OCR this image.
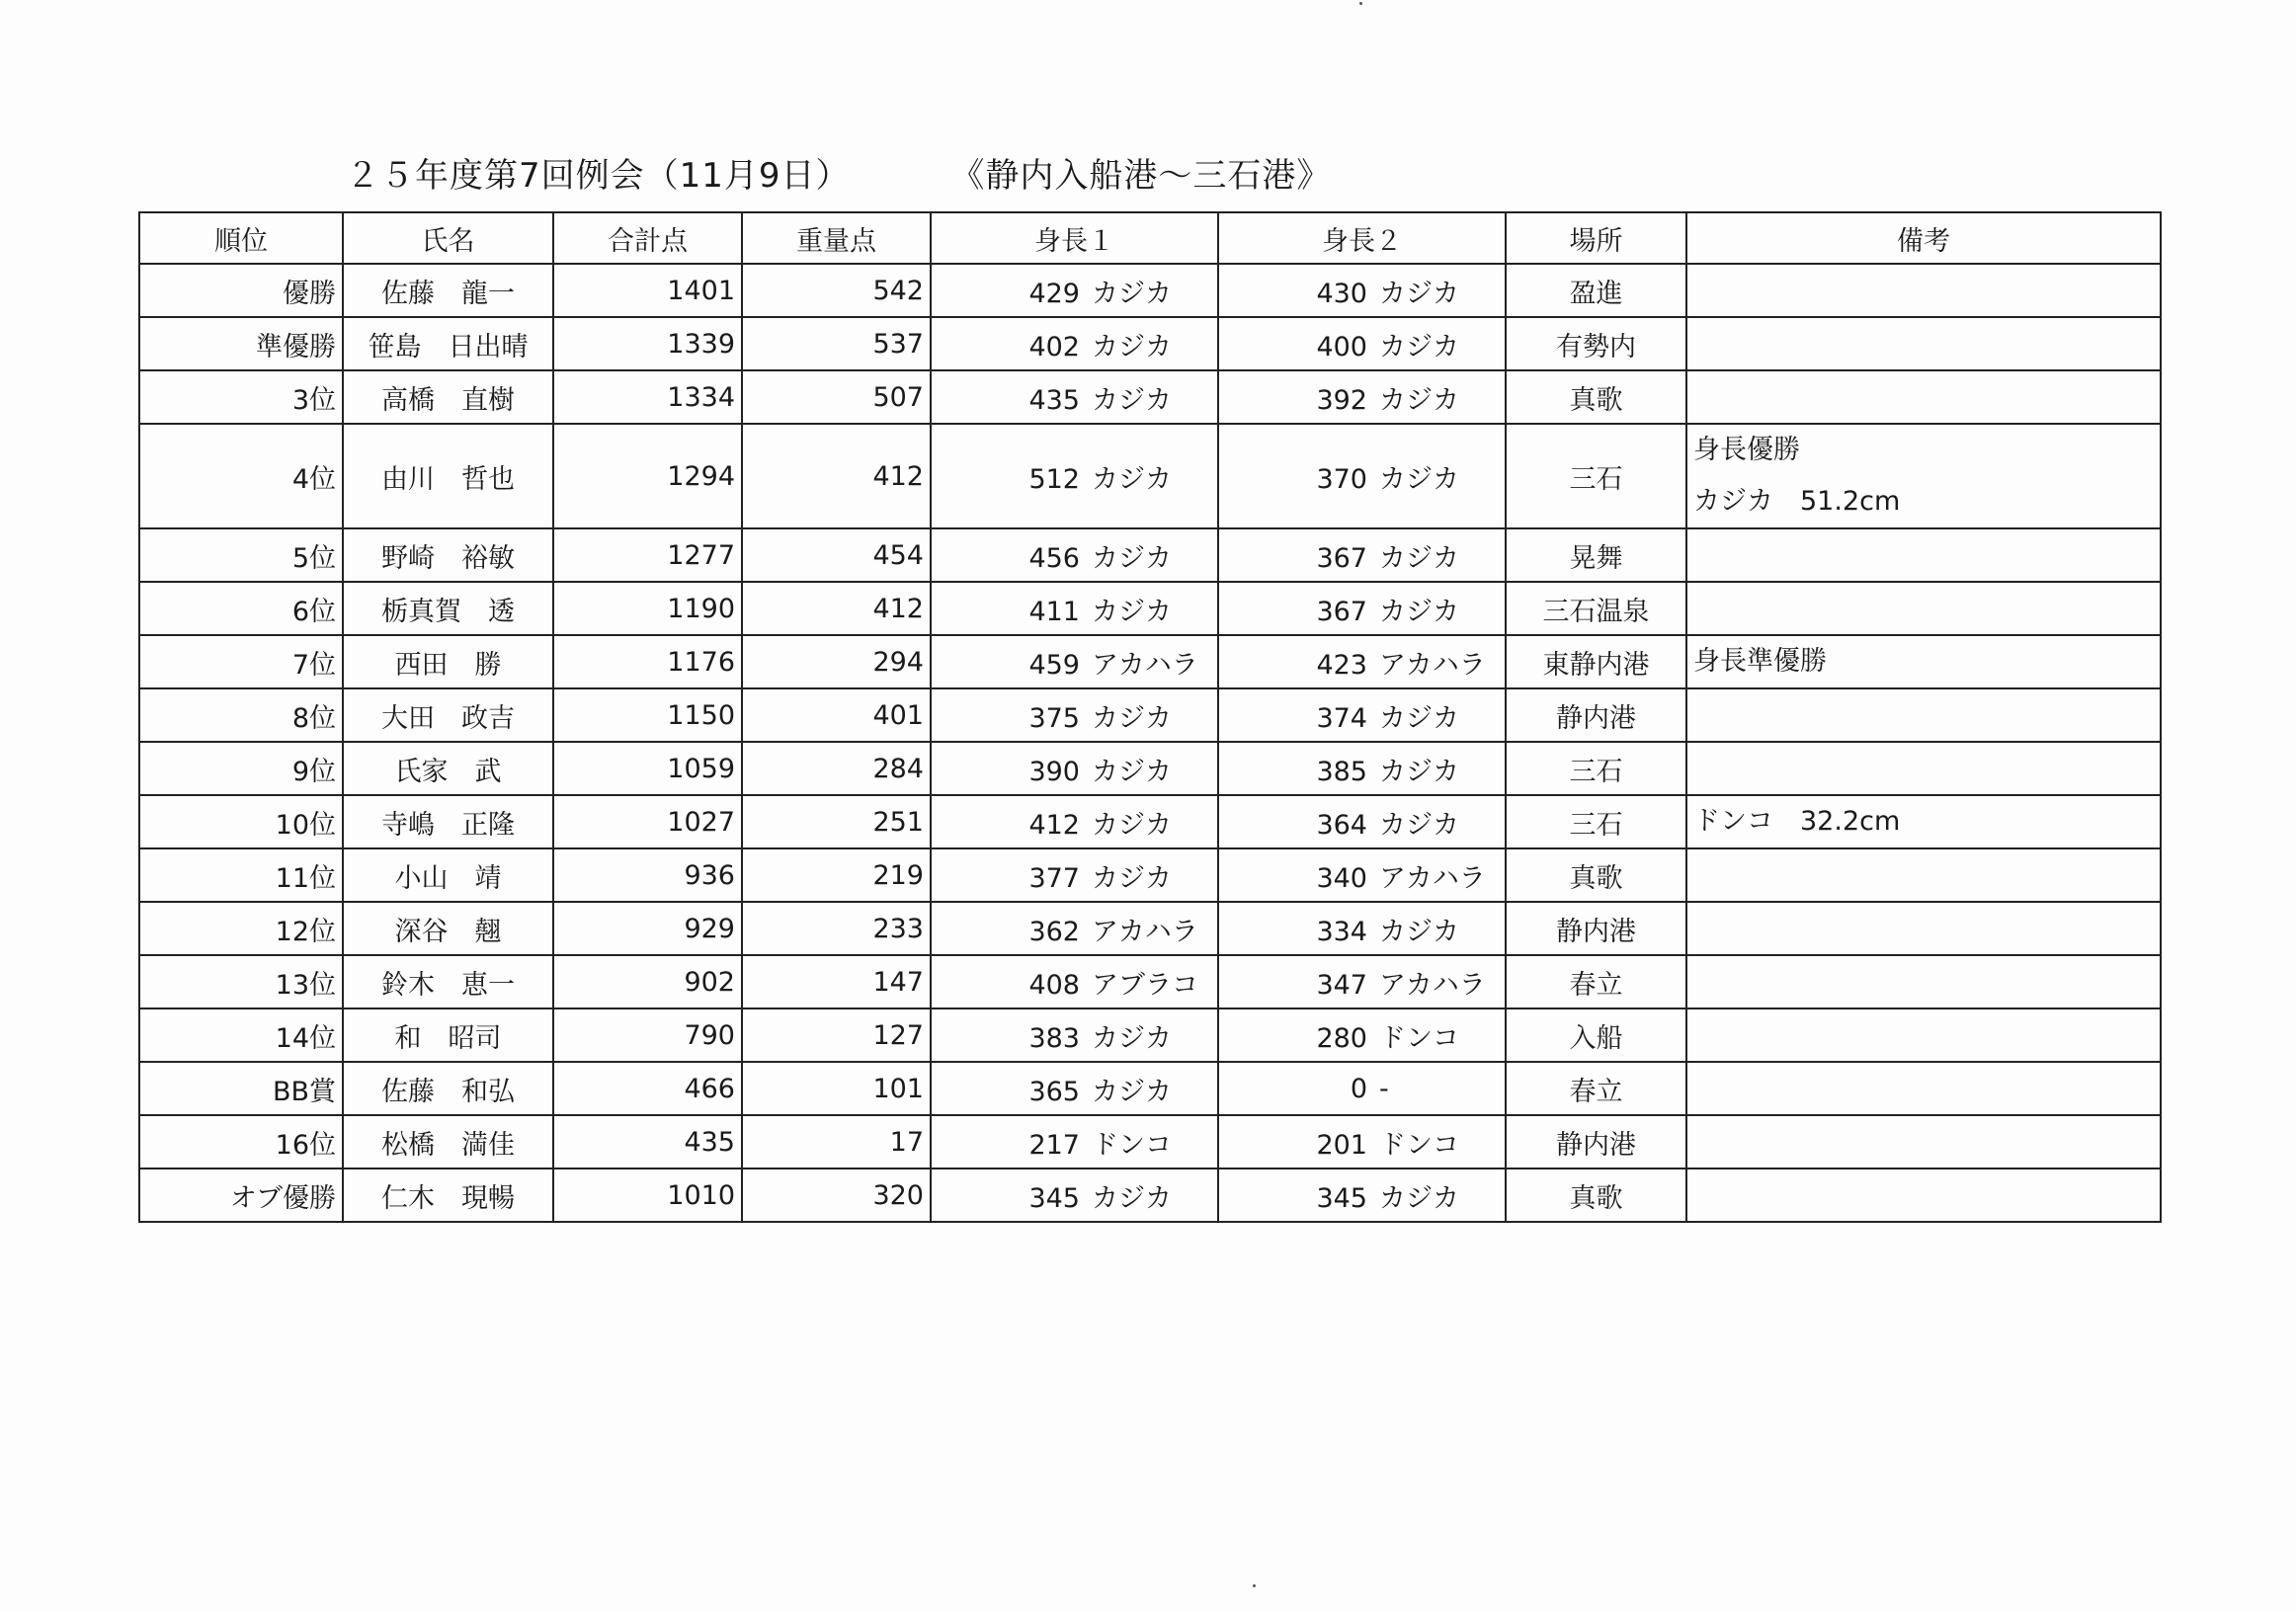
２５年度第7回例会（11月9日）	《静内入船港～三石港》
順位	氏名	合計点	重量点	身長１	身長２	場所	備考
優勝	佐藤　龍一	1401	542	429 カジカ	430 カジカ	盈進	
準優勝	笹島　日出晴	1339	537	402 カジカ	400 カジカ	有勢内	
3位	高橋　直樹	1334	507	435 カジカ	392 カジカ	真歌	
4位	由川　哲也	1294	412	512 カジカ	370 カジカ	三石	身長優勝
カジカ　51.2cm

5位	野崎　裕敏	1277	454	456 カジカ	367 カジカ	晃舞	
6位	栃真賀　透	1190	412	411 カジカ	367 カジカ	三石温泉	
7位	西田　勝	1176	294	459 アカハラ	423 アカハラ	東静内港	身長準優勝

8位	大田　政吉	1150	401	375 カジカ	374 カジカ	静内港	
9位	氏家　武	1059	284	390 カジカ	385 カジカ	三石	
10位	寺嶋　正隆	1027	251	412 カジカ	364 カジカ	三石	ドンコ　32.2cm

11位	小山　靖	936	219	377 カジカ	340 アカハラ	真歌	
12位	深谷　翹	929	233	362 アカハラ	334 カジカ	静内港	
13位	鈴木　恵一	902	147	408 アブラコ	347 アカハラ	春立	
14位	和　昭司	790	127	383 カジカ	280 ドンコ	入船	
BB賞	佐藤　和弘	466	101	365 カジカ	0 -	春立	
16位	松橋　満佳	435	17	217 ドンコ	201 ドンコ	静内港	
オブ優勝	仁木　現暢	1010	320	345 カジカ	345 カジカ	真歌	
